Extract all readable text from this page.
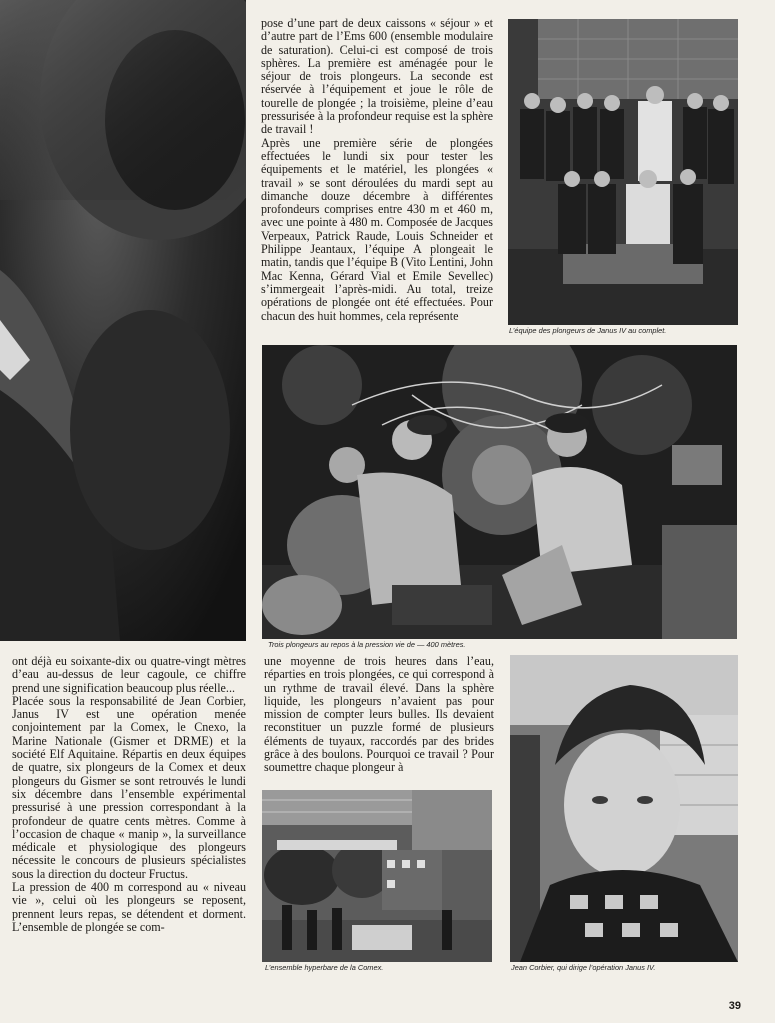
pose d’une part de deux caissons « séjour » et d’autre part de l’Ems 600 (ensemble modulaire de saturation). Celui-ci est composé de trois sphères. La première est aménagée pour le séjour de trois plongeurs. La seconde est réservée à l’équipement et joue le rôle de tourelle de plongée ; la troisième, pleine d’eau pressurisée à la profondeur requise est la sphère de travail !

Après une première série de plongées effectuées le lundi six pour tester les équipements et le matériel, les plongées « travail » se sont déroulées du mardi sept au dimanche douze décembre à différentes profondeurs comprises entre 430 m et 460 m, avec une pointe à 480 m. Composée de Jacques Verpeaux, Patrick Raude, Louis Schneider et Philippe Jeantaux, l’équipe A plongeait le matin, tandis que l’équipe B (Vito Lentini, John Mac Kenna, Gérard Vial et Emile Sevellec) s’immergeait l’après-midi. Au total, treize opérations de plongée ont été effectuées. Pour chacun des huit hommes, cela représente

L’équipe des plongeurs de Janus IV au complet.
Trois plongeurs au repos à la pression vie de — 400 mètres.

ont déjà eu soixante-dix ou quatre-vingt mètres d’eau au-dessus de leur cagoule, ce chiffre prend une signification beaucoup plus réelle...

Placée sous la responsabilité de Jean Corbier, Janus IV est une opération menée conjointement par la Comex, le Cnexo, la Marine Nationale (Gismer et DRME) et la société Elf Aquitaine. Répartis en deux équipes de quatre, six plongeurs de la Comex et deux plongeurs du Gismer se sont retrouvés le lundi six décembre dans l’ensemble expérimental pressurisé à une pression correspondant à la profondeur de quatre cents mètres. Comme à l’occasion de chaque « manip », la surveillance médicale et physiologique des plongeurs nécessite le concours de plusieurs spécialistes sous la direction du docteur Fructus.

La pression de 400 m correspond au « niveau vie », celui où les plongeurs se reposent, prennent leurs repas, se détendent et dorment. L’ensemble de plongée se com-

une moyenne de trois heures dans l’eau, réparties en trois plongées, ce qui correspond à un rythme de travail élevé. Dans la sphère liquide, les plongeurs n’avaient pas pour mission de compter leurs bulles. Ils devaient reconstituer un puzzle formé de plusieurs éléments de tuyaux, raccordés par des brides grâce à des boulons. Pourquoi ce travail ? Pour soumettre chaque plongeur à

L’ensemble hyperbare de la Comex.	Jean Corbier, qui dirige l’opération Janus IV.
39
